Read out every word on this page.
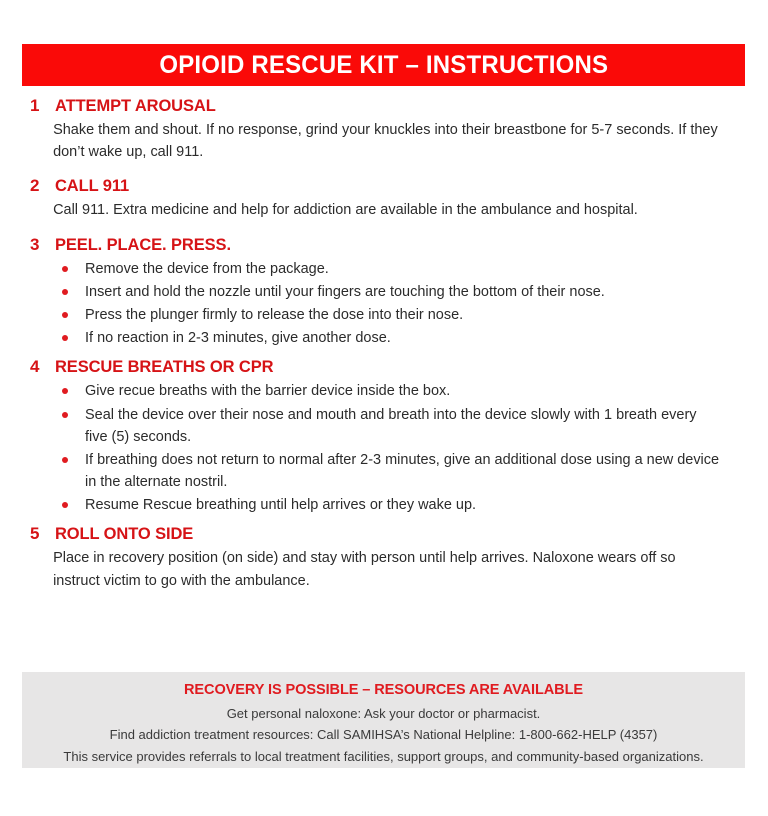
OPIOID RESCUE KIT – INSTRUCTIONS
1 ATTEMPT AROUSAL

Shake them and shout. If no response, grind your knuckles into their breastbone for 5-7 seconds. If they don’t wake up, call 911.

2 CALL 911

Call 911. Extra medicine and help for addiction are available in the ambulance and hospital.

3 PEEL. PLACE. PRESS.
Remove the device from the package.
Insert and hold the nozzle until your fingers are touching the bottom of their nose.
Press the plunger firmly to release the dose into their nose.
If no reaction in 2-3 minutes, give another dose.
4 RESCUE BREATHS OR CPR
Give recue breaths with the barrier device inside the box.
Seal the device over their nose and mouth and breath into the device slowly with 1 breath every five (5) seconds.
If breathing does not return to normal after 2-3 minutes, give an additional dose using a new device in the alternate nostril.
Resume Rescue breathing until help arrives or they wake up.
5 ROLL ONTO SIDE

Place in recovery position (on side) and stay with person until help arrives. Naloxone wears off so instruct victim to go with the ambulance.

RECOVERY IS POSSIBLE – RESOURCES ARE AVAILABLE

Get personal naloxone: Ask your doctor or pharmacist.

Find addiction treatment resources: Call SAMIHSA’s National Helpline: 1-800-662-HELP (4357)

This service provides referrals to local treatment facilities, support groups, and community-based organizations.
